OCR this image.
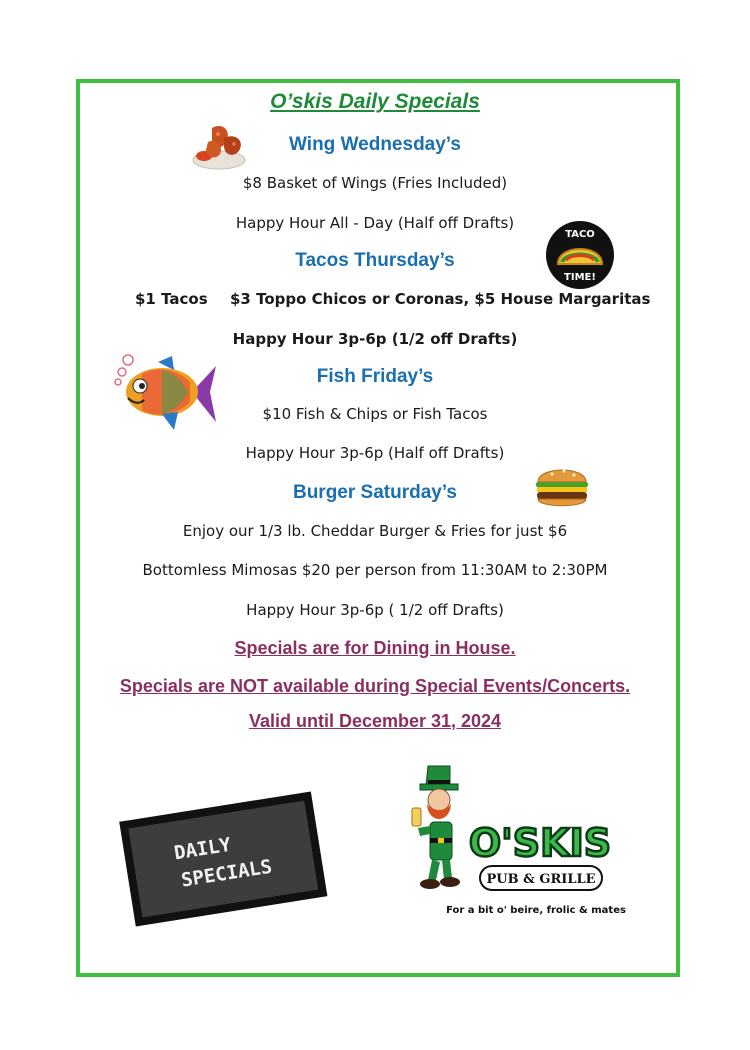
O’skis Daily Specials
Wing Wednesday’s
$8 Basket of Wings (Fries Included)
Happy Hour All - Day (Half off Drafts)
TACO
TIME!
Tacos Thursday’s
$1 Tacos $3 Toppo Chicos or Coronas, $5 House Margaritas
Happy Hour 3p-6p (1/2 off Drafts)
Fish Friday’s
$10 Fish & Chips or Fish Tacos
Happy Hour 3p-6p (Half off Drafts)
Burger Saturday’s
Enjoy our 1/3 lb. Cheddar Burger & Fries for just $6
Bottomless Mimosas $20 per person from 11:30AM to 2:30PM
Happy Hour 3p-6p ( 1/2 off Drafts)
Specials are for Dining in House.
Specials are NOT available during Special Events/Concerts.
Valid until December 31, 2024
DAILY
SPECIALS
O'SKIS
PUB & GRILLE
For a bit o' beire, frolic & mates
